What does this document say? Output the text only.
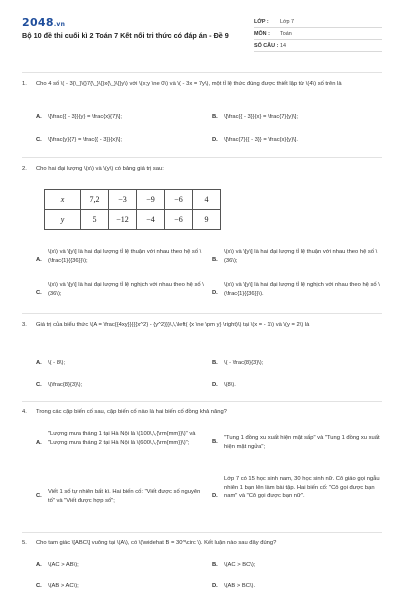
2048.vn
Bộ 10 đề thi cuối kì 2 Toán 7 Kết nối tri thức có đáp án - Đề 9
LỚP :	Lớp 7
MÔN :	Toán
SỐ CÂU : 14
1.	Cho 4 số \( - 3{\_}\{}7{\_}\{}x{\_}\{}y\) với \(x;y \ne 0\) và \( - 3x = 7y\), một tỉ lệ thức đúng được thiết lập từ \(4\) số trên là
A. \[\frac{{ - 3}}{y} = \frac{x}{7}\];	B. \[\frac{{ - 3}}{x} = \frac{7}{y}\];
C. \[\frac{y}{7} = \frac{{ - 3}}{x}\];	D. \[\frac{7}{{ - 3}} = \frac{x}{y}\].
2.	Cho hai đại lượng \(x\) và \(y\) có bảng giá trị sau:
x	7,2	−3	−9	−6	4
y	5	−12	−4	−6	9
A.
\(x\) và \[y\] là hai đại lượng tỉ lệ thuận với nhau theo hệ số \(\frac{1}{{36}}\);	B.
\(x\) và \[y\] là hai đại lượng tỉ lệ thuận với nhau theo hệ số \(36\);
C.
\(x\) và \[y\] là hai đại lượng tỉ lệ nghịch với nhau theo hệ số \(36\);	D.
\(x\) và \[y\] là hai đại lượng tỉ lệ nghịch với nhau theo hệ số \(\frac{1}{{36}}\).
3.	Giá trị của biểu thức \(A = \frac{{4xy}}{{{x^2} - {y^2}}}\,\,\left( {x \ne \pm y} \right)\) tại \(x = - 1\) và \(y = 2\) là
A. \( - 8\);	B. \( - \frac{8}{3}\);
C. \(\frac{8}{3}\);	D. \(8\).
4.	Trong các cặp biến cố sau, cặp biến cố nào là hai biến cố đồng khả năng?
A.
"Lượng mưa tháng 1 tại Hà Nội là \(100\,\,{\rm{mm}}\)" và "Lượng mưa tháng 2 tại Hà Nội là \(600\,\,{\rm{mm}}\)";	B.
"Tung 1 đồng xu xuất hiện mặt sấp" và "Tung 1 đồng xu xuất hiện mặt ngửa";
C.
Viết 1 số tự nhiên bất kì. Hai biến cố: "Viết được số nguyên tố" và "Viết được hợp số";
D.
Lớp 7 có 15 học sinh nam, 30 học sinh nữ. Cô giáo gọi ngẫu nhiên 1 bạn lên làm bài tập. Hai biến cố: "Cô gọi được bạn nam" và "Cô gọi được bạn nữ".
5.	Cho tam giác \[ABC\] vuông tại \(A\), có \(\widehat B = 30^\circ \). Kết luận nào sau đây đúng?
A. \(AC > AB\);	B. \(AC > BC\);
C. \(AB > AC\);	D. \(AB > BC\).
